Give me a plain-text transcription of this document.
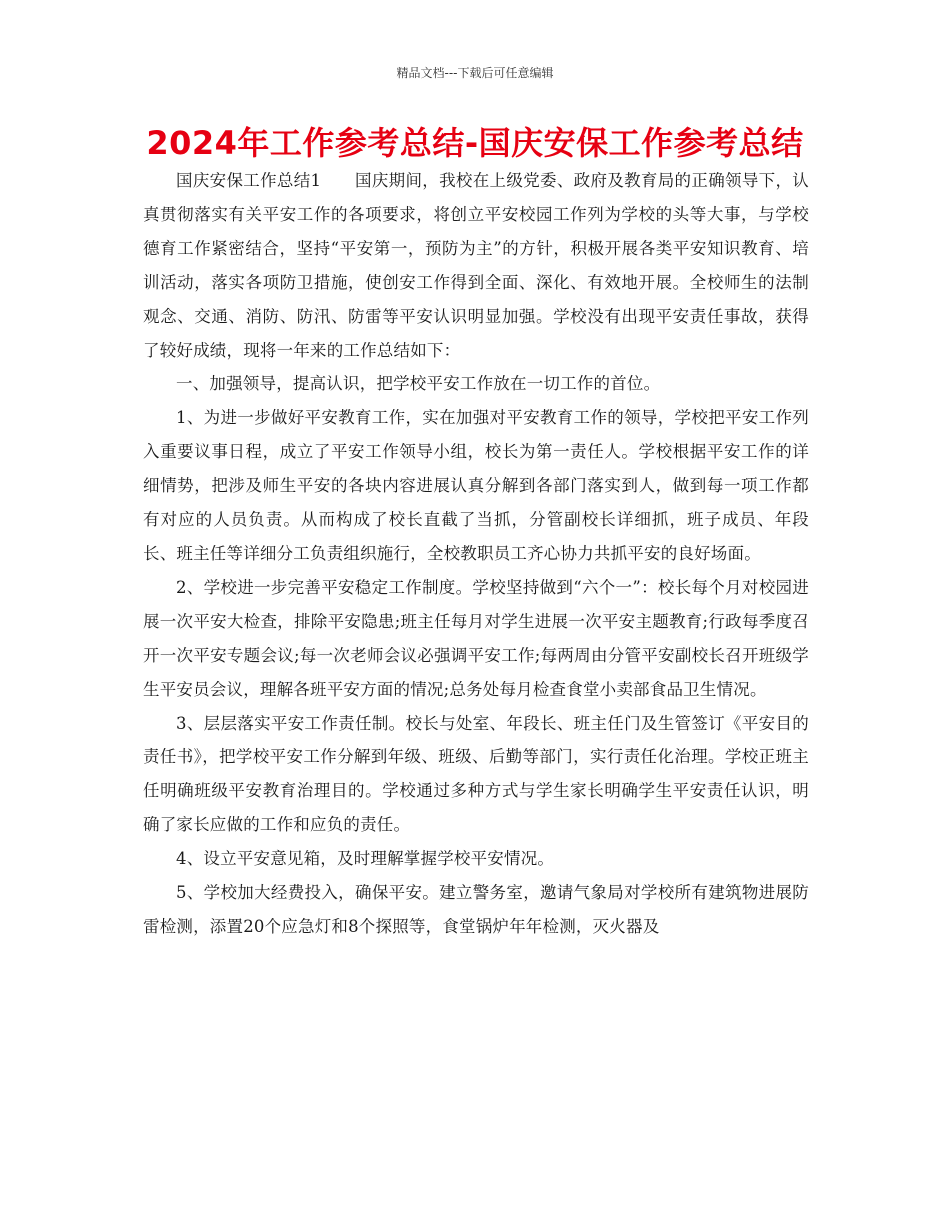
精品文档---下载后可任意编辑
2024年工作参考总结-国庆安保工作参考总结

国庆安保工作总结1　　国庆期间，我校在上级党委、政府及教育局的正确领导下，认真贯彻落实有关平安工作的各项要求，将创立平安校园工作列为学校的头等大事，与学校德育工作紧密结合，坚持“平安第一，预防为主”的方针，积极开展各类平安知识教育、培训活动，落实各项防卫措施，使创安工作得到全面、深化、有效地开展。全校师生的法制观念、交通、消防、防汛、防雷等平安认识明显加强。学校没有出现平安责任事故，获得了较好成绩，现将一年来的工作总结如下：

一、加强领导，提高认识，把学校平安工作放在一切工作的首位。

1、为进一步做好平安教育工作，实在加强对平安教育工作的领导，学校把平安工作列入重要议事日程，成立了平安工作领导小组，校长为第一责任人。学校根据平安工作的详细情势，把涉及师生平安的各块内容进展认真分解到各部门落实到人，做到每一项工作都有对应的人员负责。从而构成了校长直截了当抓，分管副校长详细抓，班子成员、年段长、班主任等详细分工负责组织施行，全校教职员工齐心协力共抓平安的良好场面。

2、学校进一步完善平安稳定工作制度。学校坚持做到“六个一”：校长每个月对校园进展一次平安大检查，排除平安隐患;班主任每月对学生进展一次平安主题教育;行政每季度召开一次平安专题会议;每一次老师会议必强调平安工作;每两周由分管平安副校长召开班级学生平安员会议，理解各班平安方面的情况;总务处每月检查食堂小卖部食品卫生情况。

3、层层落实平安工作责任制。校长与处室、年段长、班主任门及生管签订《平安目的责任书》，把学校平安工作分解到年级、班级、后勤等部门，实行责任化治理。学校正班主任明确班级平安教育治理目的。学校通过多种方式与学生家长明确学生平安责任认识，明确了家长应做的工作和应负的责任。

4、设立平安意见箱，及时理解掌握学校平安情况。

5、学校加大经费投入，确保平安。建立警务室，邀请气象局对学校所有建筑物进展防雷检测，添置20个应急灯和8个探照等，食堂锅炉年年检测，灭火器及
